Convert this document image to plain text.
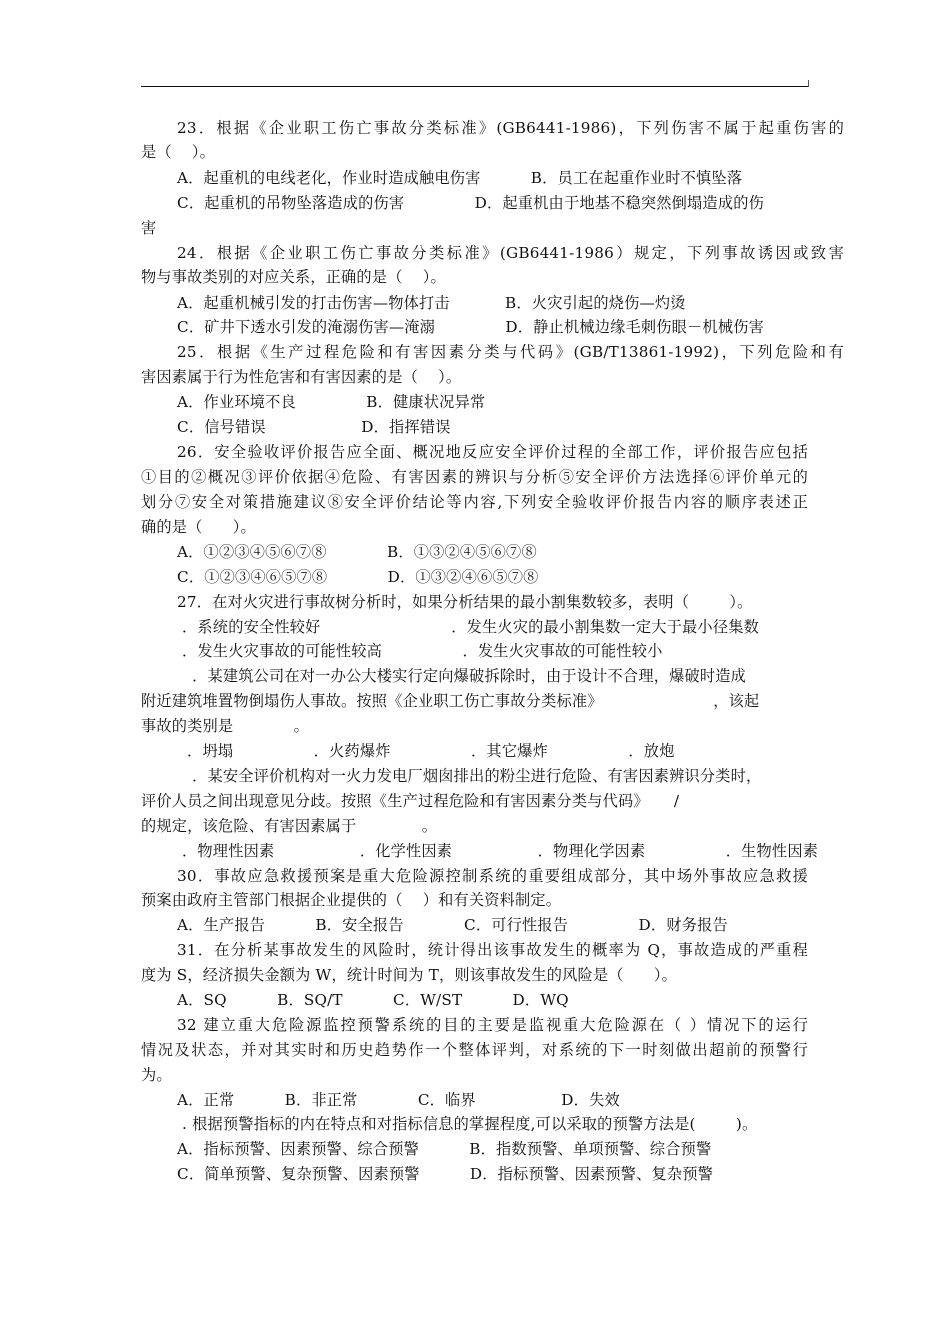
23．根据《企业职工伤亡事故分类标准》(GB6441-1986)，下列伤害不属于起重伤害的
是（    ）。
A．起重机的电线老化，作业时造成触电伤害          B．员工在起重作业时不慎坠落
C．起重机的吊物坠落造成的伤害              D．起重机由于地基不稳突然倒塌造成的伤
害
24．根据《企业职工伤亡事故分类标准》(GB6441-1986）规定，下列事故诱因或致害
物与事故类别的对应关系，正确的是（    ）。
A．起重机械引发的打击伤害—物体打击           B．火灾引起的烧伤—灼烫
C．矿井下透水引发的淹溺伤害—淹溺              D．静止机械边缘毛刺伤眼－机械伤害
25．根据《生产过程危险和有害因素分类与代码》(GB/T13861-1992)，下列危险和有
害因素属于行为性危害和有害因素的是（    ）。
A．作业环境不良              B．健康状况异常
C．信号错误                   D．指挥错误
26．安全验收评价报告应全面、概况地反应安全评价过程的全部工作，评价报告应包括
①目的②概况③评价依据④危险、有害因素的辨识与分析⑤安全评价方法选择⑥评价单元的
划分⑦安全对策措施建议⑧安全评价结论等内容,下列安全验收评价报告内容的顺序表述正
确的是（      ）。
A．①②③④⑤⑥⑦⑧            B．①③②④⑤⑥⑦⑧
C．①②③④⑥⑤⑦⑧            D．①③②④⑥⑤⑦⑧
27．在对火灾进行事故树分析时，如果分析结果的最小割集数较多，表明（        ）。
．系统的安全性较好                          ．发生火灾的最小割集数一定大于最小径集数
．发生火灾事故的可能性较高                ．发生火灾事故的可能性较小
．某建筑公司在对一办公大楼实行定向爆破拆除时，由于设计不合理，爆破时造成
附近建筑堆置物倒塌伤人事故。按照《企业职工伤亡事故分类标准》                      ，该起
事故的类别是            。
．坍塌                ．火药爆炸                ．其它爆炸                ．放炮
．某安全评价机构对一火力发电厂烟囱排出的粉尘进行危险、有害因素辨识分类时，
评价人员之间出现意见分歧。按照《生产过程危险和有害因素分类与代码》     /
的规定，该危险、有害因素属于             。
．物理性因素                 ．化学性因素                 ．物理化学因素                ．生物性因素
30．事故应急救援预案是重大危险源控制系统的重要组成部分，其中场外事故应急救援
预案由政府主管部门根据企业提供的（    ）和有关资料制定。
A．生产报告          B．安全报告            C．可行性报告              D．财务报告
31．在分析某事故发生的风险时，统计得出该事故发生的概率为 Q，事故造成的严重程
度为 S，经济损失金额为 W，统计时间为 T，则该事故发生的风险是（      ）。
A．SQ          B．SQ/T          C．W/ST          D．WQ
32 建立重大危险源监控预警系统的目的主要是监视重大危险源在（ ）情况下的运行
情况及状态，并对其实时和历史趋势作一个整体评判，对系统的下一时刻做出超前的预警行
为。
A．正常          B．非正常            C．临界                 D．失效
. 根据预警指标的内在特点和对指标信息的掌握程度,可以采取的预警方法是(        )。
A．指标预警、因素预警、综合预警          B．指数预警、单项预警、综合预警
C．简单预警、复杂预警、因素预警          D．指标预警、因素预警、复杂预警
